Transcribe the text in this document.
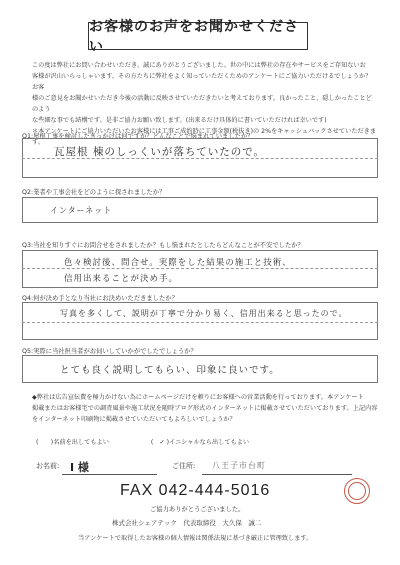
お客様のお声をお聞かせください
この度は弊社にお問い合わせいただき、誠にありがとうございました。世の中には弊社の存在やサービスをご存知ないお
客様が沢山いらっしゃいます。その方たちに弊社をよく知っていただくためのアンケートにご協力いただけるでしょうか？ お客
様のご意見をお聞かせいただき今後の活動に反映させていただきたいと考えております。良かったこと、隠しかったことどのよう
な些細な事でも結構です。是非ご協力お願い致します。(出来るだけ具体的に書いていただければ幸いです)
＊本アンケートにご協力いただいたお客様には工事ご成約時に工事金額(税抜き)の 2%をキャッシュバックさせていただきます。
Q1:屋根工事を検討したきっかけは何ですか？どんなことで悩まれていましたか？
瓦屋根 棟のしっくいが落ちていたので。
Q2:業者や工事会社をどのように探されましたか？
インターネット
Q3:当社を知りすぐにお問合せをされましたか？もし悩まれたとしたらどんなことが不安でしたか？
色々検討後、問合せ。実際をした結果の施工と技術、
信用出来ることが決め手。
Q4:何が決め手となり当社にお決めいただきましたか？
写真を多くして、説明が丁寧で分かり易く、信用出来ると思ったので。
Q5:実際に当社担当者がお伺いしていかがでしたでしょうか？
とても良く説明してもらい、印象に良いです。
◆弊社は広告宣伝費を極力かけない為にホームページだけを頼りにお客様への営業活動を行っております。本アンケート
掲載またはお客様宅での調査風景や施工状況を随時ブログ形式のインターネットに掲載させていただいております。上記内容
をインターネット印刷物に掲載させていただいてもよろしいでしょうか？
(　　)名前を出してもよい	(　✓ )イニシャルなら出してもよい
お名前: I 様	ご住所: 八王子市台町
FAX 042-444-5016
ご協力ありがとうございました。
株式会社シェアテック　代表取締役　大久保　誠二
当アンケートで取得したお客様の個人情報は関係法規に基づき厳正に管理致します。
